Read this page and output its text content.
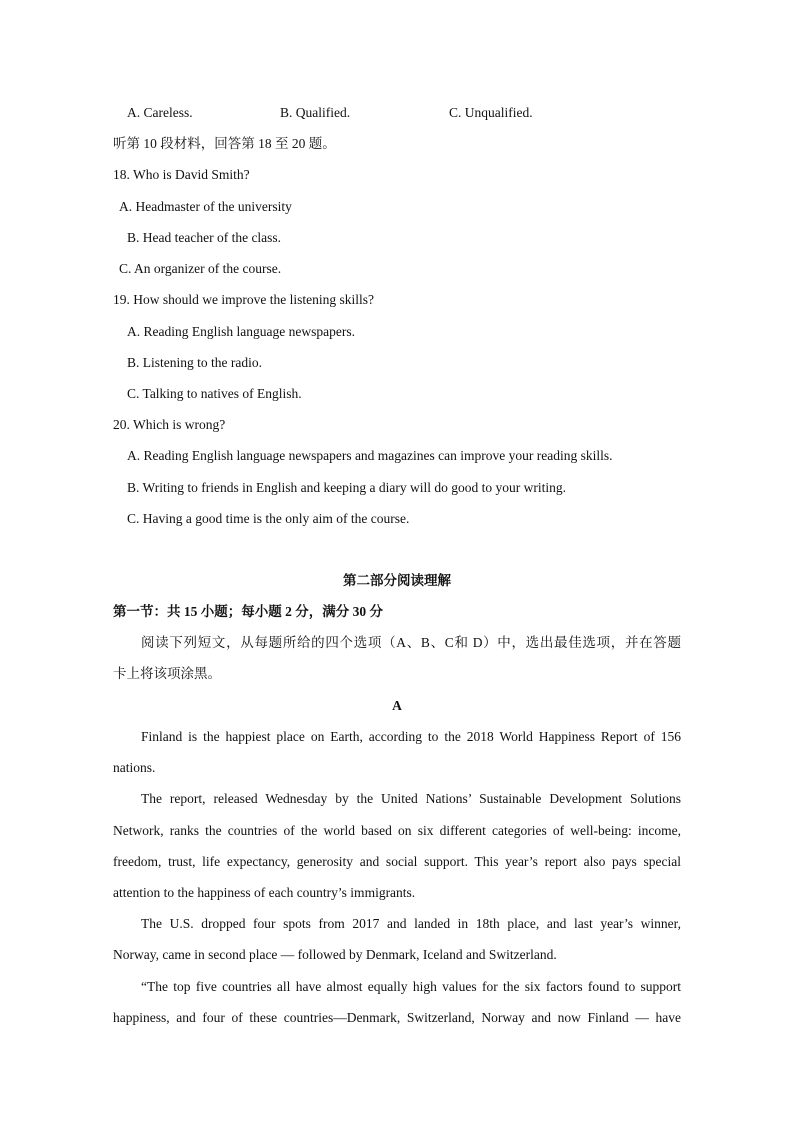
A. Careless.	B. Qualified.	C. Unqualified.
听第 10 段材料，回答第 18 至 20 题。
18. Who is David Smith?
A. Headmaster of the university
B. Head teacher of the class.
C. An organizer of the course.
19. How should we improve the listening skills?
A. Reading English language newspapers.
B. Listening to the radio.
C. Talking to natives of English.
20. Which is wrong?
A. Reading English language newspapers and magazines can improve your reading skills.
B. Writing to friends in English and keeping a diary will do good to your writing.
C. Having a good time is the only aim of the course.
第二部分阅读理解
第一节：共 15 小题；每小题 2 分，满分 30 分
阅读下列短文，从每题所给的四个选项（A、B、C和 D）中，选出最佳选项，并在答题
卡上将该项涂黑。
A
Finland is the happiest place on Earth, according to the 2018 World Happiness Report of 156
nations.
The report, released Wednesday by the United Nations’ Sustainable Development Solutions
Network, ranks the countries of the world based on six different categories of well-being: income,
freedom, trust, life expectancy, generosity and social support. This year’s report also pays special
attention to the happiness of each country’s immigrants.
The U.S. dropped four spots from 2017 and landed in 18th place, and last year’s winner,
Norway, came in second place — followed by Denmark, Iceland and Switzerland.
“The top five countries all have almost equally high values for the six factors found to support
happiness, and four of these countries—Denmark, Switzerland, Norway and now Finland — have
